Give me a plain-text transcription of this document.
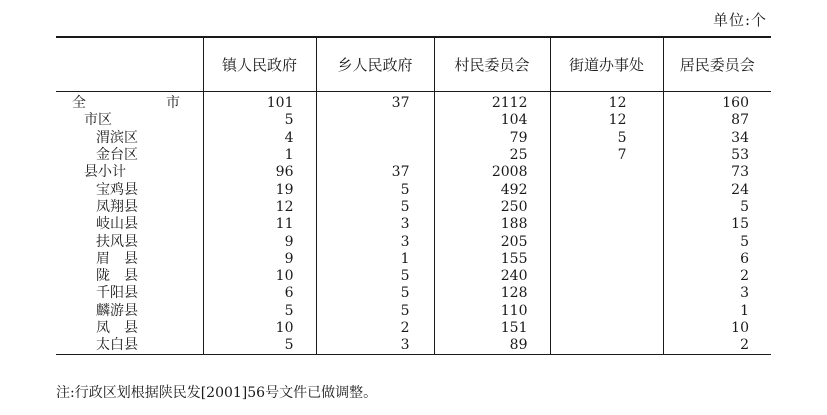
单位:个
	镇人民政府	乡人民政府	村民委员会	街道办事处	居民委员会
全　　市	101	37	2112	12	160
市区	5		104	12	87
渭滨区	4		79	5	34
金台区	1		25	7	53
县小计	96	37	2008		73
宝鸡县	19	5	492		24
凤翔县	12	5	250		5
岐山县	11	3	188		15
扶风县	9	3	205		5
眉　县	9	1	155		6
陇　县	10	5	240		2
千阳县	6	5	128		3
麟游县	5	5	110		1
凤　县	10	2	151		10
太白县	5	3	89		2
注:行政区划根据陕民发[2001]56号文件已做调整。
